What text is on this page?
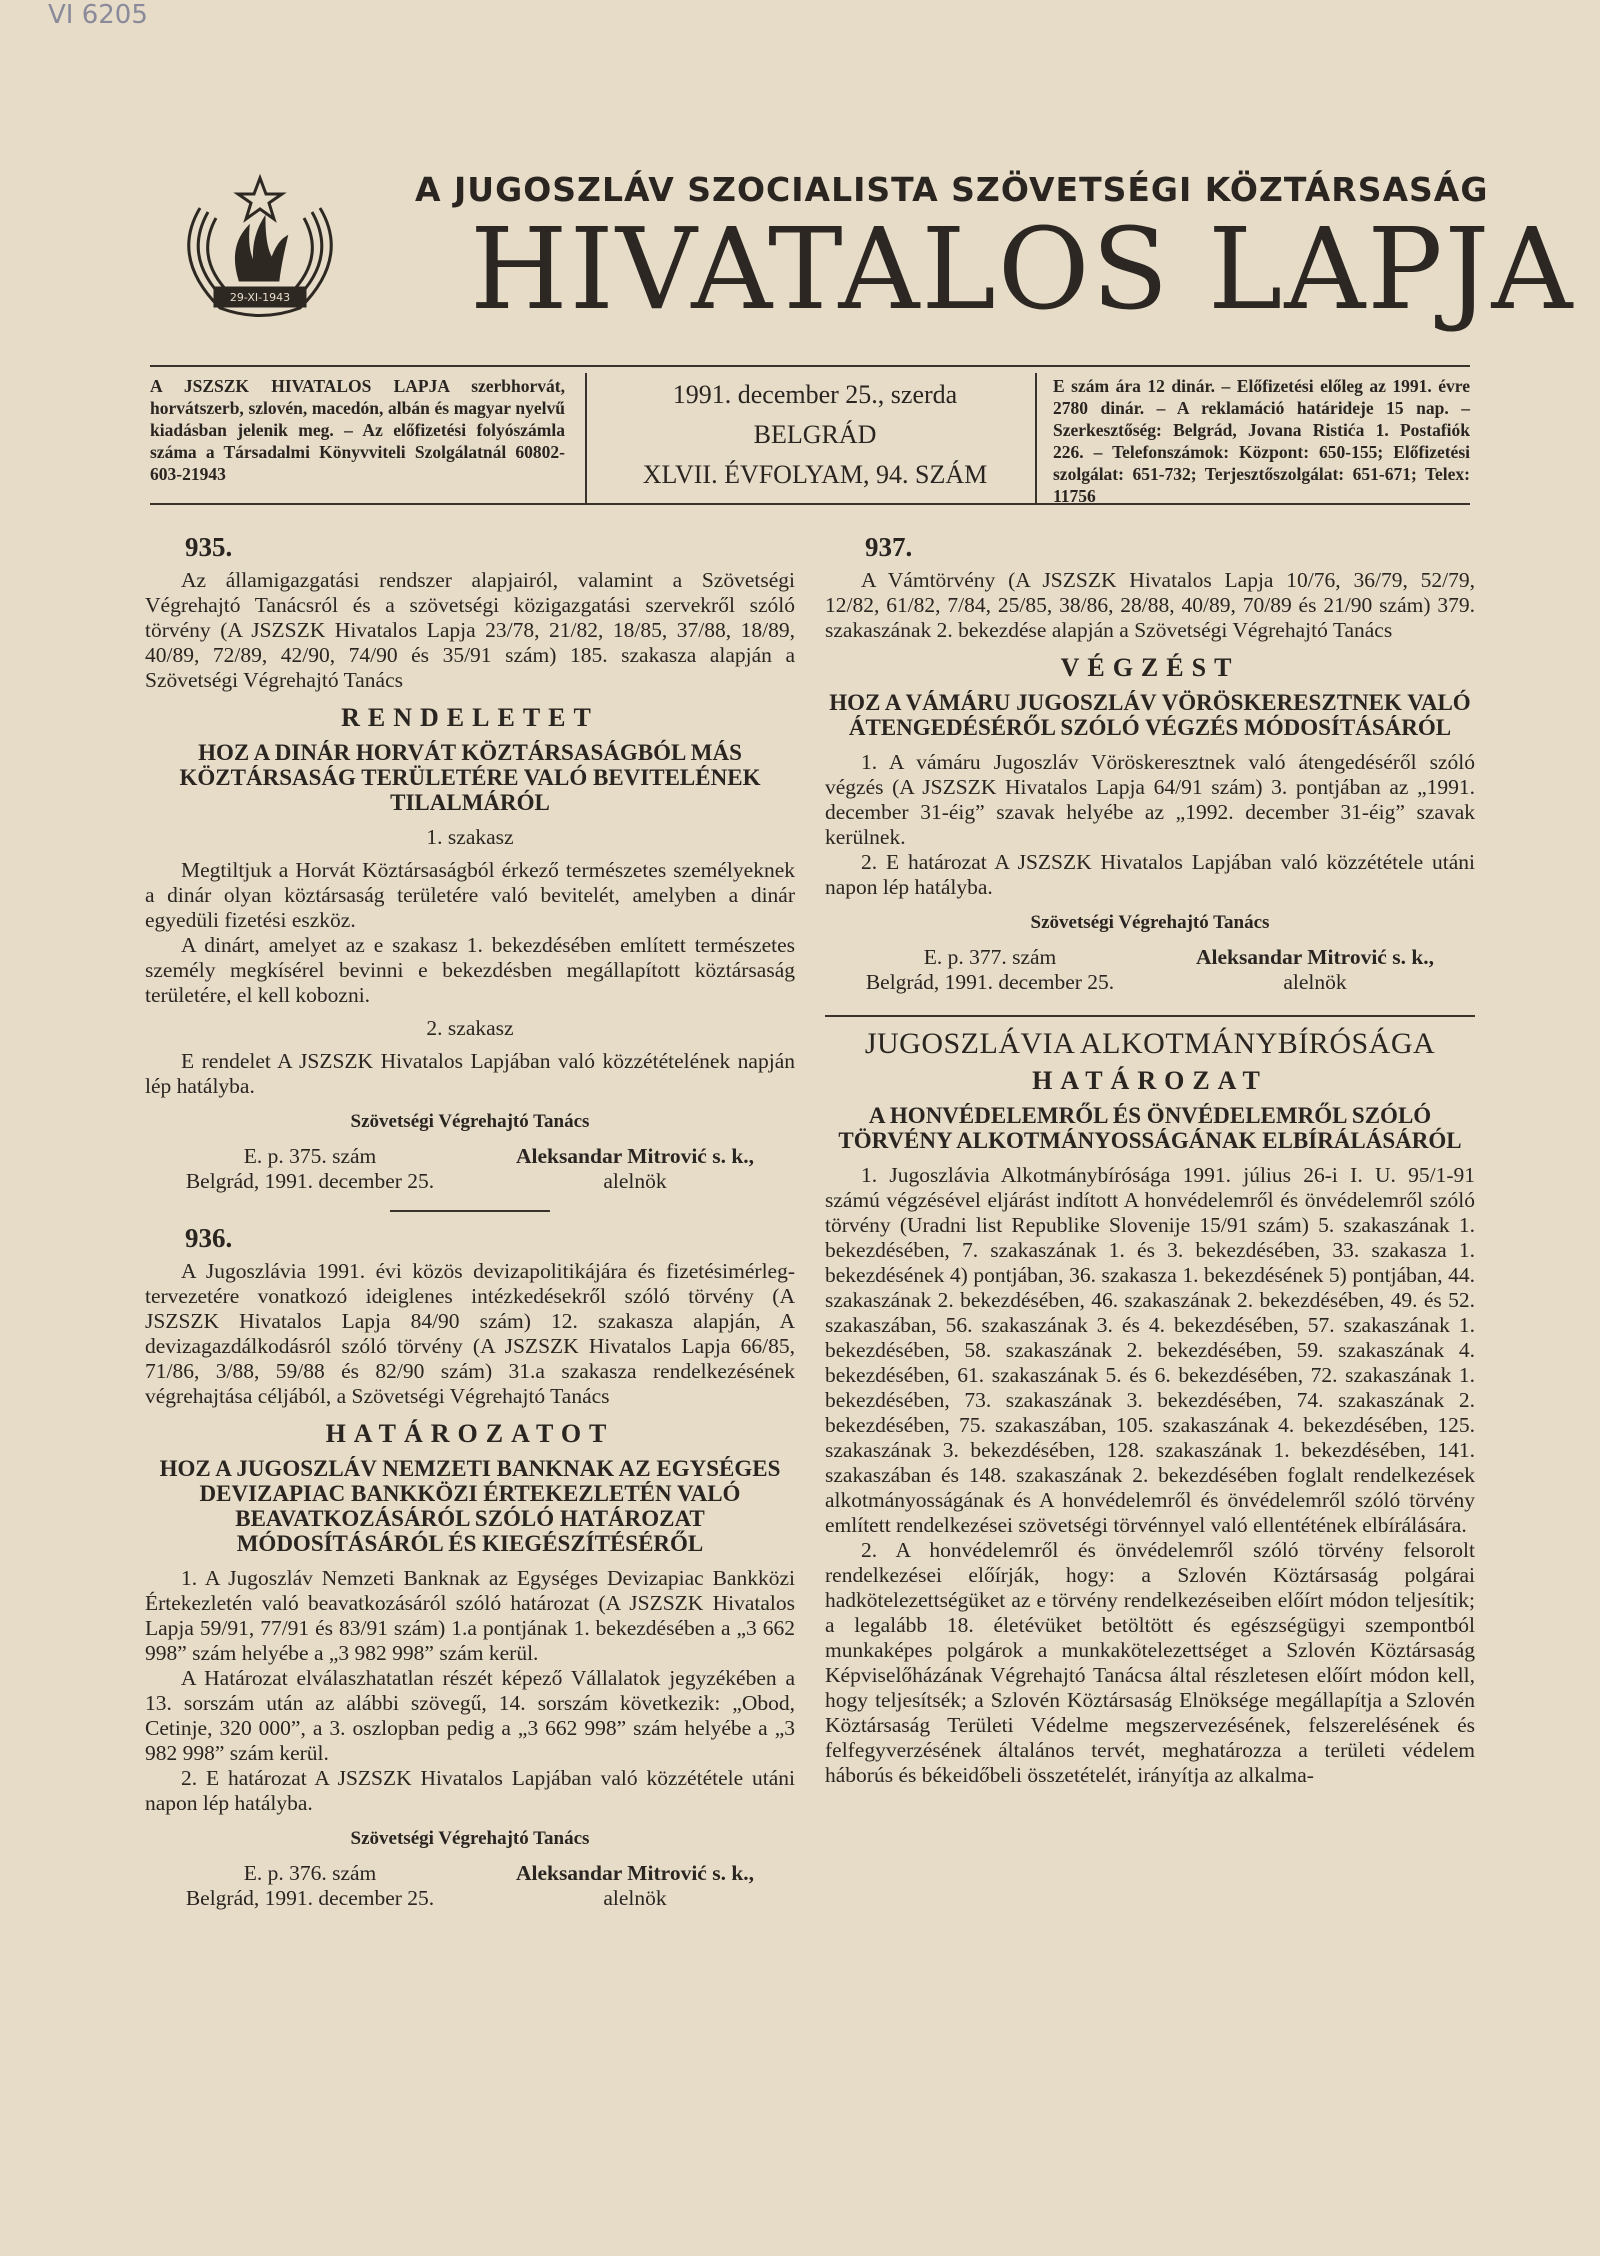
VI 6205
29-XI-1943
A JUGOSZLÁV SZOCIALISTA SZÖVETSÉGI KÖZTÁRSASÁG
HIVATALOS LAPJA
A JSZSZK HIVATALOS LAPJA szerbhorvát, horvátszerb, szlovén, macedón, albán és magyar nyelvű kiadásban jelenik meg. – Az előfizetési folyószámla száma a Társadalmi Könyvviteli Szolgálatnál 60802-603-21943
1991. december 25., szerda
BELGRÁD
XLVII. ÉVFOLYAM, 94. SZÁM
E szám ára 12 dinár. – Előfizetési előleg az 1991. évre 2780 dinár. – A reklamáció határideje 15 nap. – Szerkesztőség: Belgrád, Jovana Ristića 1. Postafiók 226. – Telefonszámok: Központ: 650-155; Előfizetési szolgálat: 651-732; Terjesztőszolgálat: 651-671; Telex: 11756
935.

Az államigazgatási rendszer alapjairól, valamint a Szövetségi Végrehajtó Tanácsról és a szövetségi közigazgatási szervekről szóló törvény (A JSZSZK Hivatalos Lapja 23/78, 21/82, 18/85, 37/88, 18/89, 40/89, 72/89, 42/90, 74/90 és 35/91 szám) 185. szakasza alapján a Szövetségi Végrehajtó Tanács

RENDELETET
HOZ A DINÁR HORVÁT KÖZTÁRSASÁGBÓL MÁS KÖZTÁRSASÁG TERÜLETÉRE VALÓ BEVITELÉNEK TILALMÁRÓL
1. szakasz

Megtiltjuk a Horvát Köztársaságból érkező természetes személyeknek a dinár olyan köztársaság területére való bevitelét, amelyben a dinár egyedüli fizetési eszköz.

A dinárt, amelyet az e szakasz 1. bekezdésében említett természetes személy megkísérel bevinni e bekezdésben megállapított köztársaság területére, el kell kobozni.

2. szakasz

E rendelet A JSZSZK Hivatalos Lapjában való közzétételének napján lép hatályba.

Szövetségi Végrehajtó Tanács
E. p. 375. szám
Belgrád, 1991. december 25.
Aleksandar Mitrović s. k.,
alelnök
936.

A Jugoszlávia 1991. évi közös devizapolitikájára és fizetésimérleg-tervezetére vonatkozó ideiglenes intézkedésekről szóló törvény (A JSZSZK Hivatalos Lapja 84/90 szám) 12. szakasza alapján, A devizagazdálkodásról szóló törvény (A JSZSZK Hivatalos Lapja 66/85, 71/86, 3/88, 59/88 és 82/90 szám) 31.a szakasza rendelkezésének végrehajtása céljából, a Szövetségi Végrehajtó Tanács

HATÁROZATOT
HOZ A JUGOSZLÁV NEMZETI BANKNAK AZ EGYSÉGES DEVIZAPIAC BANKKÖZI ÉRTEKEZLETÉN VALÓ BEAVATKOZÁSÁRÓL SZÓLÓ HATÁROZAT MÓDOSÍTÁSÁRÓL ÉS KIEGÉSZÍTÉSÉRŐL

1. A Jugoszláv Nemzeti Banknak az Egységes Devizapiac Bankközi Értekezletén való beavatkozásáról szóló határozat (A JSZSZK Hivatalos Lapja 59/91, 77/91 és 83/91 szám) 1.a pontjának 1. bekezdésében a „3 662 998” szám helyébe a „3 982 998” szám kerül.

A Határozat elválaszhatatlan részét képező Vállalatok jegyzékében a 13. sorszám után az alábbi szövegű, 14. sorszám következik: „Obod, Cetinje, 320 000”, a 3. oszlopban pedig a „3 662 998” szám helyébe a „3 982 998” szám kerül.

2. E határozat A JSZSZK Hivatalos Lapjában való közzététele utáni napon lép hatályba.

Szövetségi Végrehajtó Tanács
E. p. 376. szám
Belgrád, 1991. december 25.
Aleksandar Mitrović s. k.,
alelnök
937.

A Vámtörvény (A JSZSZK Hivatalos Lapja 10/76, 36/79, 52/79, 12/82, 61/82, 7/84, 25/85, 38/86, 28/88, 40/89, 70/89 és 21/90 szám) 379. szakaszának 2. bekezdése alapján a Szövetségi Végrehajtó Tanács

VÉGZÉST
HOZ A VÁMÁRU JUGOSZLÁV VÖRÖSKERESZTNEK VALÓ ÁTENGEDÉSÉRŐL SZÓLÓ VÉGZÉS MÓDOSÍTÁSÁRÓL

1. A vámáru Jugoszláv Vöröskeresztnek való átengedéséről szóló végzés (A JSZSZK Hivatalos Lapja 64/91 szám) 3. pontjában az „1991. december 31-éig” szavak helyébe az „1992. december 31-éig” szavak kerülnek.

2. E határozat A JSZSZK Hivatalos Lapjában való közzététele utáni napon lép hatályba.

Szövetségi Végrehajtó Tanács
E. p. 377. szám
Belgrád, 1991. december 25.
Aleksandar Mitrović s. k.,
alelnök
JUGOSZLÁVIA ALKOTMÁNYBÍRÓSÁGA
HATÁROZAT
A HONVÉDELEMRŐL ÉS ÖNVÉDELEMRŐL SZÓLÓ TÖRVÉNY ALKOTMÁNYOSSÁGÁNAK ELBÍRÁLÁSÁRÓL

1. Jugoszlávia Alkotmánybírósága 1991. július 26-i I. U. 95/1-91 számú végzésével eljárást indított A honvédelemről és önvédelemről szóló törvény (Uradni list Republike Slovenije 15/91 szám) 5. szakaszának 1. bekezdésében, 7. szakaszának 1. és 3. bekezdésében, 33. szakasza 1. bekezdésének 4) pontjában, 36. szakasza 1. bekezdésének 5) pontjában, 44. szakaszának 2. bekezdésében, 46. szakaszának 2. bekezdésében, 49. és 52. szakaszában, 56. szakaszának 3. és 4. bekezdésében, 57. szakaszának 1. bekezdésében, 58. szakaszának 2. bekezdésében, 59. szakaszának 4. bekezdésében, 61. szakaszának 5. és 6. bekezdésében, 72. szakaszának 1. bekezdésében, 73. szakaszának 3. bekezdésében, 74. szakaszának 2. bekezdésében, 75. szakaszában, 105. szakaszának 4. bekezdésében, 125. szakaszának 3. bekezdésében, 128. szakaszának 1. bekezdésében, 141. szakaszában és 148. szakaszának 2. bekezdésében foglalt rendelkezések alkotmányosságának és A honvédelemről és önvédelemről szóló törvény említett rendelkezései szövetségi törvénnyel való ellentétének elbírálására.

2. A honvédelemről és önvédelemről szóló törvény felsorolt rendelkezései előírják, hogy: a Szlovén Köztársaság polgárai hadkötelezettségüket az e törvény rendelkezéseiben előírt módon teljesítik; a legalább 18. életévüket betöltött és egészségügyi szempontból munkaképes polgárok a munkakötelezettséget a Szlovén Köztársaság Képviselőházának Végrehajtó Tanácsa által részletesen előírt módon kell, hogy teljesítsék; a Szlovén Köztársaság Elnöksége megállapítja a Szlovén Köztársaság Területi Védelme megszervezésének, felszerelésének és felfegyverzésének általános tervét, meghatározza a területi védelem háborús és békeidőbeli összetételét, irányítja az alkalma-
